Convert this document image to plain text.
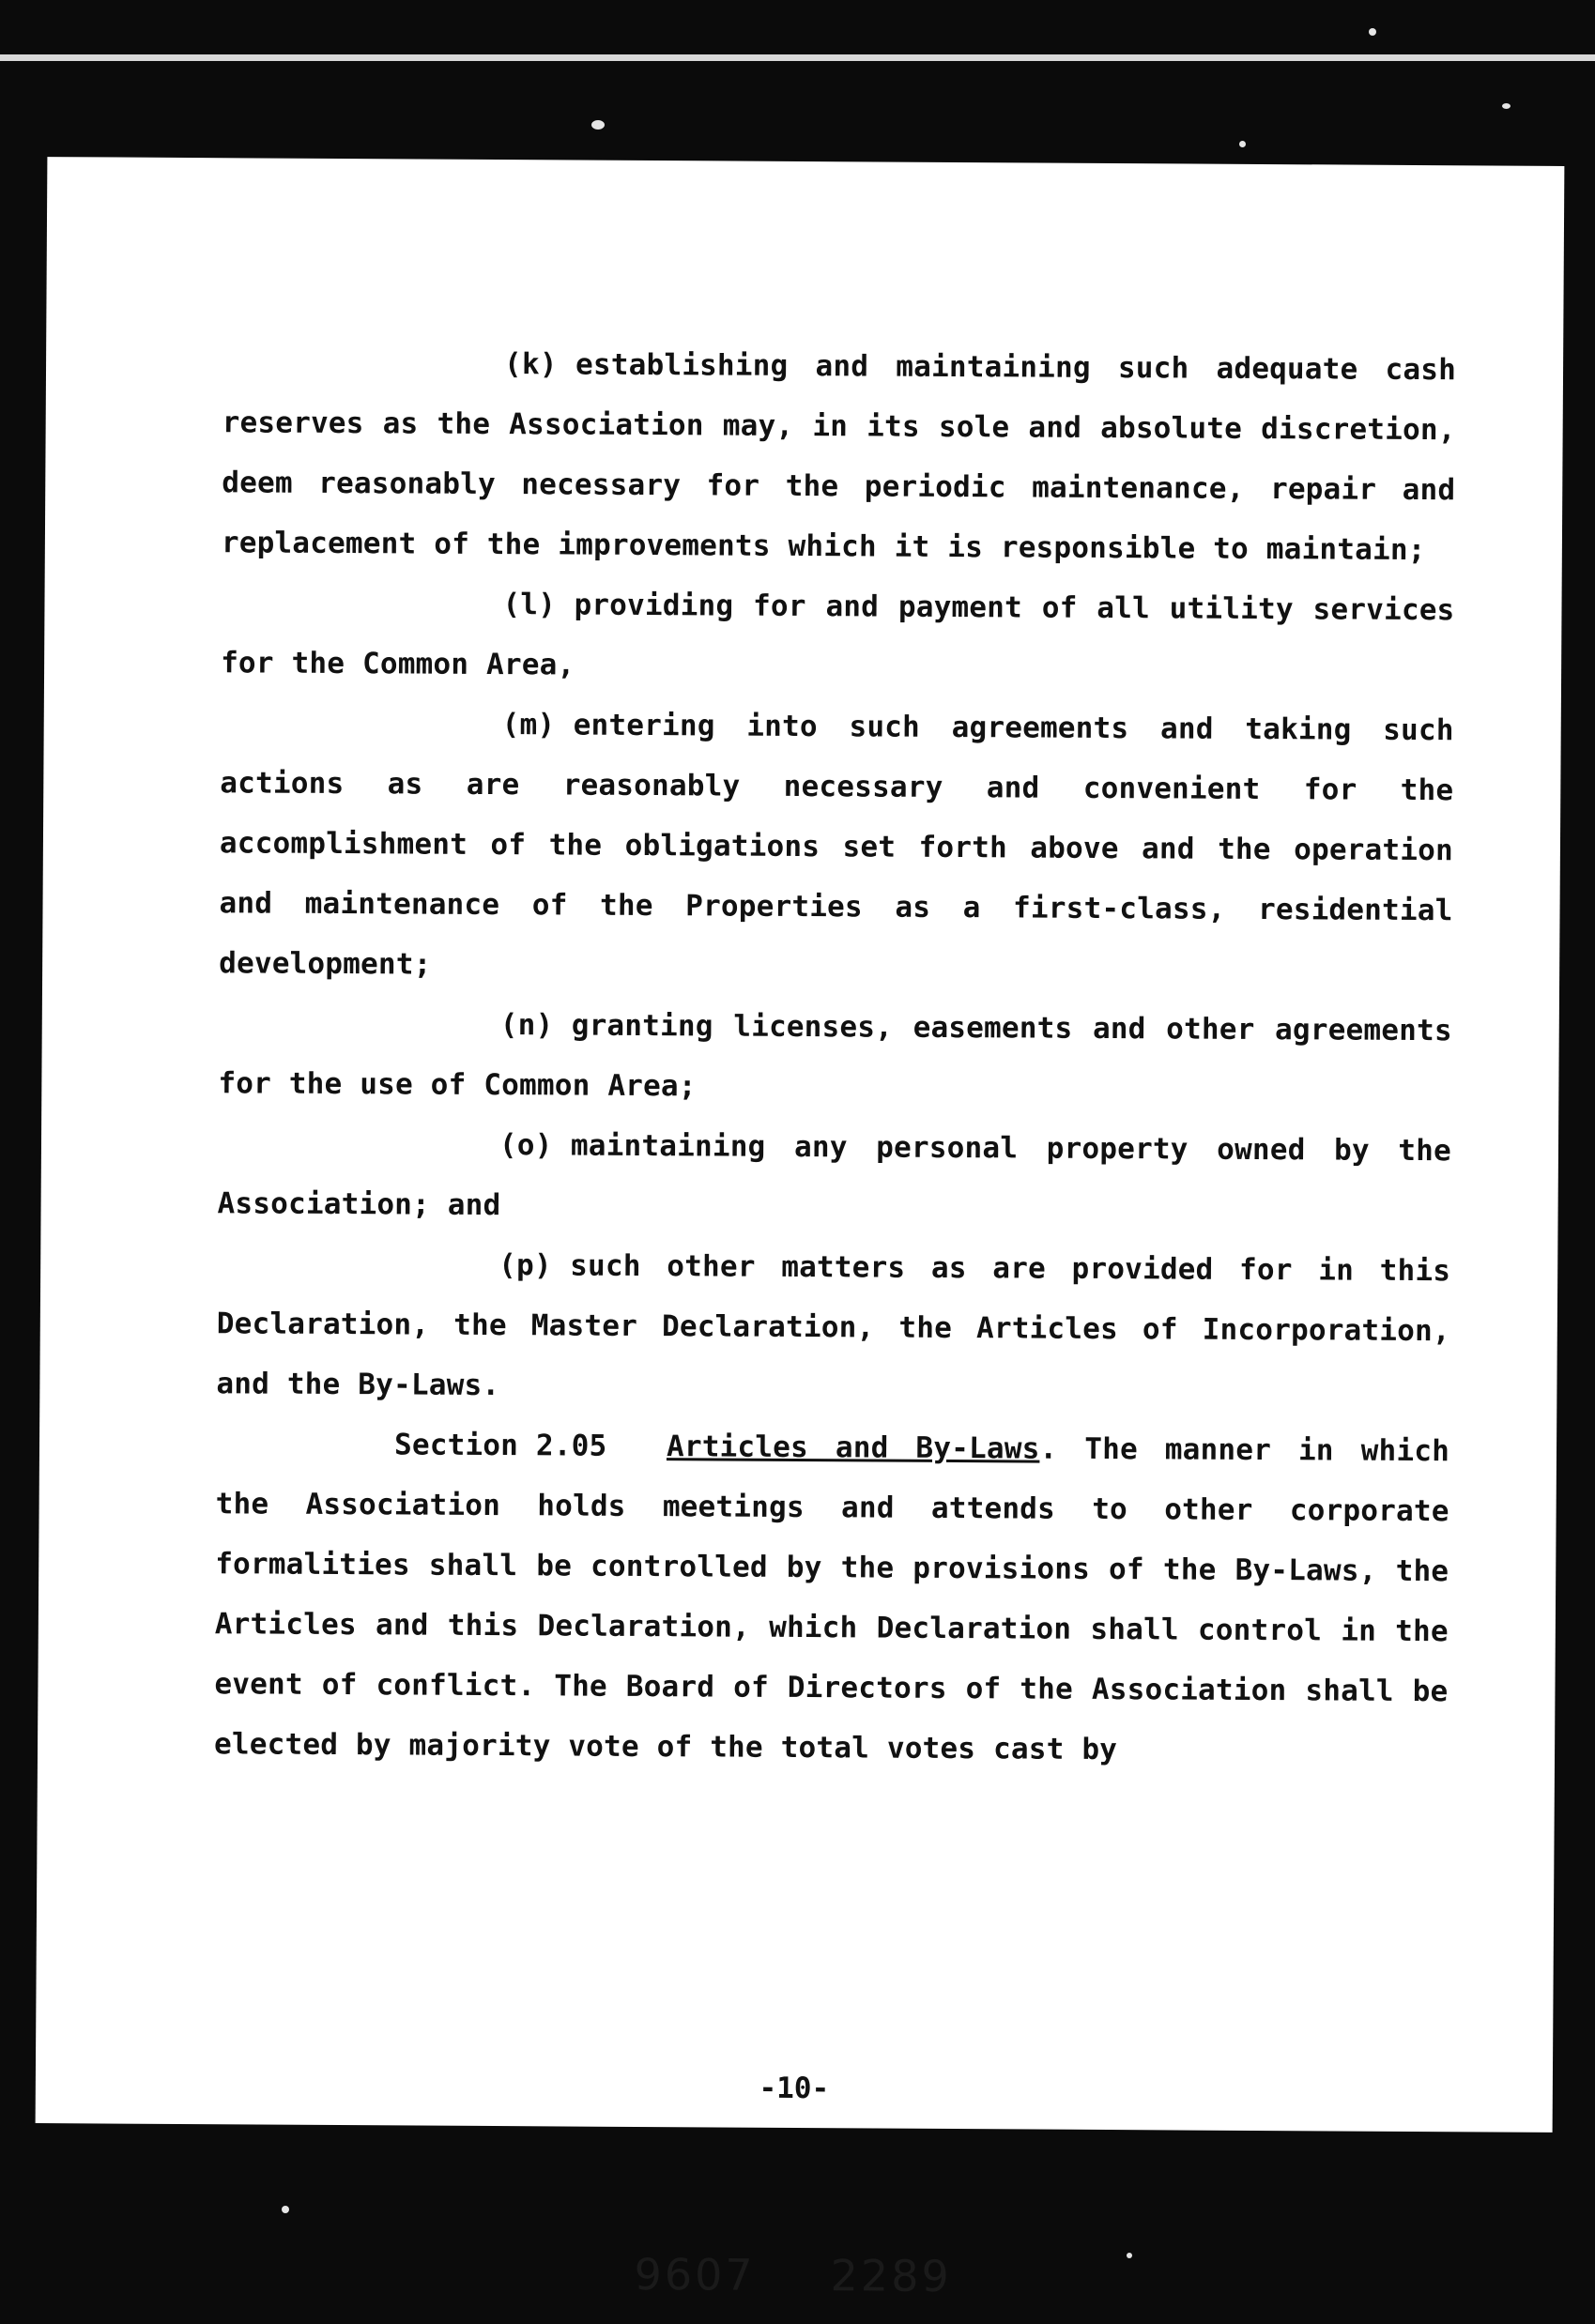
(k) establishing and maintaining such adequate cash reserves as the Association may, in its sole and absolute discretion, deem reasonably necessary for the periodic maintenance, repair and replacement of the improvements which it is responsible to maintain;

(l) providing for and payment of all utility services for the Common Area,

(m) entering into such agreements and taking such actions as are reasonably necessary and convenient for the accomplishment of the obligations set forth above and the operation and maintenance of the Properties as a first-class, residential development;

(n) granting licenses, easements and other agreements for the use of Common Area;

(o) maintaining any personal property owned by the Association; and

(p) such other matters as are provided for in this Declaration, the Master Declaration, the Articles of Incorporation, and the By-Laws.

Section 2.05 Articles and By-Laws. The manner in which the Association holds meetings and attends to other corporate formalities shall be controlled by the provisions of the By-Laws, the Articles and this Declaration, which Declaration shall control in the event of conflict. The Board of Directors of the Association shall be elected by majority vote of the total votes cast by

-10-
9607 2289
